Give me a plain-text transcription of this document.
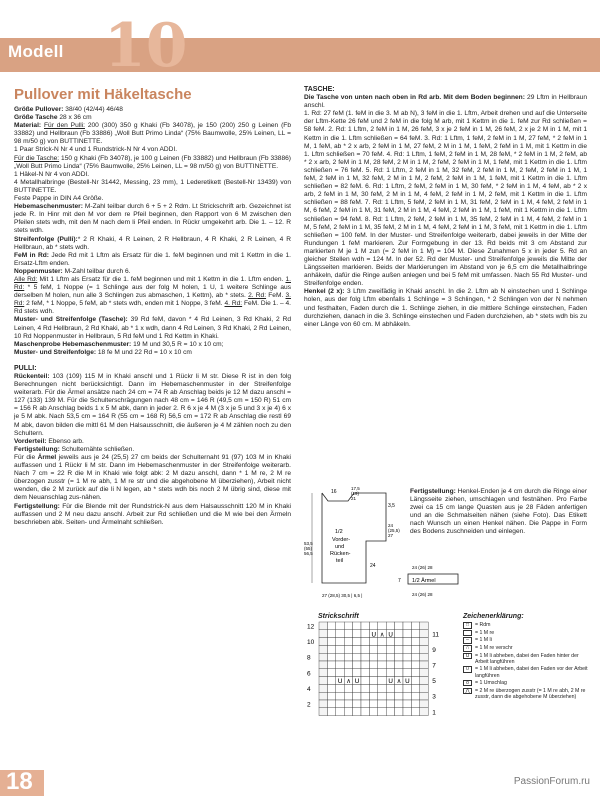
Modell 10
Pullover mit Häkeltasche

Größe Pullover: 38/40 (42/44) 46/48

Größe Tasche 28 x 36 cm

Material: Für den Pulli: 200 (300) 350 g Khaki (Fb 34078), je 150 (200) 250 g Leinen (Fb 33882) und Hellbraun (Fb 33886) „Woll Butt Primo Linda“ (75% Baumwolle, 25% Leinen, LL = 98 m/50 g) von BUTTINETTE.

1 Paar Strick-N Nr 4 und 1 Rundstrick-N Nr 4 von ADDI.

Für die Tasche: 150 g Khaki (Fb 34078), je 100 g Leinen (Fb 33882) und Hellbraun (Fb 33886) „Woll Butt Primo Linda“ (75% Baumwolle, 25% Leinen, LL = 98 m/50 g) von BUTTINETTE.

1 Häkel-N Nr 4 von ADDI.

4 Metallhalbringe (Bestell-Nr 31442, Messing, 23 mm), 1 Lederetikett (Bestell-Nr 13439) von BUTTINETTE.

Feste Pappe in DIN A4 Größe.

Hebemaschenmuster: M-Zahl teilbar durch 6 + 5 + 2 Rdm. Lt Strickschrift arb. Gezeichnet ist jede R. In Hinr mit den M vor dem re Pfeil beginnen, den Rapport von 6 M zwischen den Pfeilen stets wdh, mit den M nach dem li Pfeil enden. In Rückr umgekehrt arb. Die 1. – 12. R stets wdh.

Streifenfolge (Pulli):* 2 R Khaki, 4 R Leinen, 2 R Hellbraun, 4 R Khaki, 2 R Leinen, 4 R Hellbraun, ab * stets wdh.

FeM in Rd: Jede Rd mit 1 Lftm als Ersatz für die 1. feM beginnen und mit 1 Kettm in die 1. Ersatz-Lftm enden.

Noppenmuster: M-Zahl teilbar durch 6.

Alle Rd: Mit 1 Lftm als Ersatz für die 1. feM beginnen und mit 1 Kettm in die 1. Lftm enden. 1. Rd: * 5 feM, 1 Noppe (= 1 Schlinge aus der folg M holen, 1 U, 1 weitere Schlinge aus derselben M holen, nun alle 3 Schlingen zus abmaschen, 1 Kettm), ab * stets. 2. Rd: FeM. 3. Rd: 2 feM, * 1 Noppe, 5 feM, ab * stets wdh, enden mit 1 Noppe, 3 feM. 4. Rd: FeM. Die 1. – 4. Rd stets wdh.

Muster- und Streifenfolge (Tasche): 39 Rd feM, davon * 4 Rd Leinen, 3 Rd Khaki, 2 Rd Leinen, 4 Rd Hellbraun, 2 Rd Khaki, ab * 1 x wdh, dann 4 Rd Leinen, 3 Rd Khaki, 2 Rd Leinen, 10 Rd Noppenmuster in Hellbraun, 5 Rd feM und 1 Rd Kettm in Khaki.

Maschenprobe Hebemaschenmuster: 19 M und 30,5 R = 10 x 10 cm;

Muster- und Streifenfolge: 18 fe M und 22 Rd = 10 x 10 cm

PULLI:

Rückenteil: 103 (109) 115 M in Khaki anschl und 1 Rückr li M str. Diese R ist in den folg Berechnungen nicht berücksichtigt. Dann im Hebemaschenmuster in der Streifenfolge weiterarb. Für die Ärmel ansätze nach 24 cm = 74 R ab Anschlag beids je 12 M dazu anschl = 127 (133) 139 M. Für die Schulterschrägungen nach 48 cm = 146 R (49,5 cm = 150 R) 51 cm = 156 R ab Anschlag beids 1 x 5 M abk, dann in jeder 2. R 6 x je 4 M (3 x je 5 und 3 x je 4) 6 x je 5 M abk. Nach 53,5 cm = 164 R (55 cm = 168 R) 56,5 cm = 172 R ab Anschlag die restl 69 M abk, davon bilden die mittl 61 M den Halsausschnitt, die äußeren je 4 M zählen noch zu den Schultern.

Vorderteil: Ebenso arb.

Fertigstellung: Schulternähte schließen.

Für die Ärmel jeweils aus je 24 (25,5) 27 cm beids der Schulternaht 91 (97) 103 M in Khaki auffassen und 1 Rückr li M str. Dann im Hebemaschenmuster in der Streifenfolge weiterarb. Nach 7 cm = 22 R die M in Khaki wie folgt abk: 2 M dazu anschl, dann * 1 M re, 2 M re überzogen zusstr (= 1 M re abh, 1 M re str und die abgehobene M überziehen), Arbeit nicht wenden, die 2 M zurück auf die li N legen, ab * stets wdh bis noch 2 M übrig sind, diese mit dem Neuanschlag zus-nähen.

Fertigstellung: Für die Blende mit der Rundstrick-N aus dem Halsausschnitt 120 M in Khaki auffassen und 2 M neu dazu anschl. Arbeit zur Rd schließen und die M wie bei den Ärmeln beschrieben abk. Seiten- und Ärmelnaht schließen.

TASCHE:

Die Tasche von unten nach oben in Rd arb. Mit dem Boden beginnen: 29 Lftm in Hellbraun anschl.

1. Rd: 27 feM (1. feM in die 3. M ab N), 3 feM in die 1. Lftm, Arbeit drehen und auf die Unterseite der Lftm-Kette 26 feM und 2 feM in die folg M arb, mit 1 Kettm in die 1. feM zur Rd schließen = 58 feM. 2. Rd: 1 Lftm, 2 feM in 1 M, 26 feM, 3 x je 2 feM in 1 M, 26 feM, 2 x je 2 M in 1 M, mit 1 Kettm in die 1. Lftm schließen = 64 feM. 3. Rd: 1 Lftm, 1 feM, 2 feM in 1 M, 27 feM, * 2 feM in 1 M, 1 feM, ab * 2 x arb, 2 feM in 1 M, 27 feM, 2 M in 1 M, 1 feM, 2 feM in 1 M, mit 1 Kettm in die 1. Lftm schließen = 70 feM. 4. Rd: 1 Lftm, 1 feM, 2 feM in 1 M, 28 feM, * 2 feM in 1 M, 2 feM, ab * 2 x arb, 2 feM in 1 M, 28 feM, 2 M in 1 M, 2 feM, 2 feM in 1 M, 1 feM, mit 1 Kettm in die 1. Lftm schließen = 76 feM. 5. Rd: 1 Lftm, 2 feM in 1 M, 32 feM, 2 feM in 1 M, 2 feM, 2 feM in 1 M, 1 feM, 2 feM in 1 M, 32 feM, 2 M in 1 M, 2 feM, 2 feM in 1 M, 1 feM, mit 1 Kettm in die 1. Lftm schließen = 82 feM. 6. Rd: 1 Lftm, 2 feM, 2 feM in 1 M, 30 feM, * 2 feM in 1 M, 4 feM, ab * 2 x arb, 2 feM in 1 M, 30 feM, 2 M in 1 M, 4 feM, 2 feM in 1 M, 2 feM, mit 1 Kettm in die 1. Lftm schließen = 88 feM. 7. Rd: 1 Lftm, 5 feM, 2 feM in 1 M, 31 feM, 2 feM in 1 M, 4 feM, 2 feM in 1 M, 6 feM, 2 feM in 1 M, 31 feM, 2 M in 1 M, 4 feM, 2 feM in 1 M, 1 feM, mit 1 Kettm in die 1. Lftm schließen = 94 feM. 8. Rd: 1 Lftm, 2 feM, 2 feM in 1 M, 35 feM, 2 feM in 1 M, 4 feM, 2 feM in 1 M, 5 feM, 2 feM in 1 M, 35 feM, 2 M in 1 M, 4 feM, 2 feM in 1 M, 3 feM, mit 1 Kettm in die 1. Lftm schließen = 100 feM. In der Muster- und Streifenfolge weiterarb, dabei jeweils in der Mitte der Rundungen 1 feM markieren. Zur Formgebung in der 13. Rd beids mit 3 cm Abstand zur markierten M je 1 M zun (= 2 feM in 1 M) = 104 M. Diese Zunahmen 5 x in jeder 5. Rd an gleicher Stellen wdh = 124 M. In der 52. Rd der Muster- und Streifenfolge jeweils die Mitte der Längsseiten markieren. Beids der Markierungen im Abstand von je 6,5 cm die Metallhalbringe anhäkeln, dafür die Ringe außen anlegen und bei 5 feM mit umfassen. Nach 55 Rd Muster- und Streifenfolge enden.

Henkel (2 x): 3 Lftm zweifädig in Khaki anschl. In die 2. Lftm ab N einstechen und 1 Schlinge holen, aus der folg Lftm ebenfalls 1 Schlinge = 3 Schlingen, * 2 Schlingen von der N nehmen und festhalten, Faden durch die 1. Schlinge ziehen, in die mittlere Schlinge einstechen, Faden durchziehen, danach in die 3. Schlinge einstechen und Faden durchziehen, ab * stets wdh bis zu einer Länge von 60 cm. M abhäkeln.

16
17,5 (19) 21
3,5
24 (25,5) 27
53,5 (55) 56,5
1/2
Vorder-
und
Rücken-
teil
24
27 (28,5) 30,5 | 6,5 |
Fertigstellung: Henkel-Enden je 4 cm durch die Ringe einer Längsseite ziehen, umschlagen und festnähen. Pro Farbe zwei ca 15 cm lange Quasten aus je 28 Fäden anfertigen und an die Schmalseiten nähen (siehe Foto). Das Etikett nach Wunsch un einen Henkel nähen. Die Pappe in Form des Bodens zuschneiden und einlegen.
24 (26) 28
1/2 Ärmel
7
24 (26) 28
Strickschrift
12
10
8
6
4
2
11
9
7
5
3
1
U ∧ U
U ∧ U	U ∧ U
Zeichenerklärung:
□	= Rdm
= 1 M re
–	= 1 M li
∩	= 1 M re verschr
U	= 1 M li abheben, dabei den Faden hinter der Arbeit langführen
∪	= 1 M li abheben, dabei den Faden vor der Arbeit langführen
o	= 1 Umschlag
⋀	= 2 M re überzogen zusstr (= 1 M re abh, 2 M re zusstr, dann die abgehobene M überziehen)
18	PassionForum.ru
